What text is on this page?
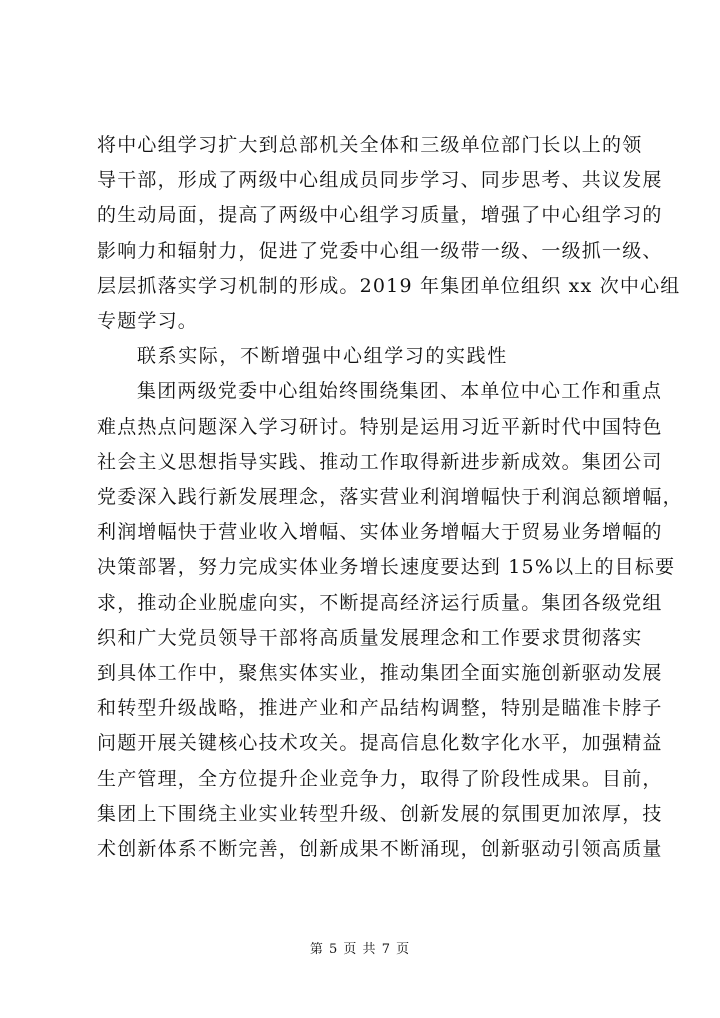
将中心组学习扩大到总部机关全体和三级单位部门长以上的领
导干部，形成了两级中心组成员同步学习、同步思考、共议发展
的生动局面，提高了两级中心组学习质量，增强了中心组学习的
影响力和辐射力，促进了党委中心组一级带一级、一级抓一级、
层层抓落实学习机制的形成。2019 年集团单位组织 xx 次中心组
专题学习。

联系实际，不断增强中心组学习的实践性

集团两级党委中心组始终围绕集团、本单位中心工作和重点
难点热点问题深入学习研讨。特别是运用习近平新时代中国特色
社会主义思想指导实践、推动工作取得新进步新成效。集团公司
党委深入践行新发展理念，落实营业利润增幅快于利润总额增幅，
利润增幅快于营业收入增幅、实体业务增幅大于贸易业务增幅的
决策部署，努力完成实体业务增长速度要达到 15%以上的目标要
求，推动企业脱虚向实，不断提高经济运行质量。集团各级党组
织和广大党员领导干部将高质量发展理念和工作要求贯彻落实
到具体工作中，聚焦实体实业，推动集团全面实施创新驱动发展
和转型升级战略，推进产业和产品结构调整，特别是瞄准卡脖子
问题开展关键核心技术攻关。提高信息化数字化水平，加强精益
生产管理，全方位提升企业竞争力，取得了阶段性成果。目前，
集团上下围绕主业实业转型升级、创新发展的氛围更加浓厚，技
术创新体系不断完善，创新成果不断涌现，创新驱动引领高质量

第 5 页 共 7 页
